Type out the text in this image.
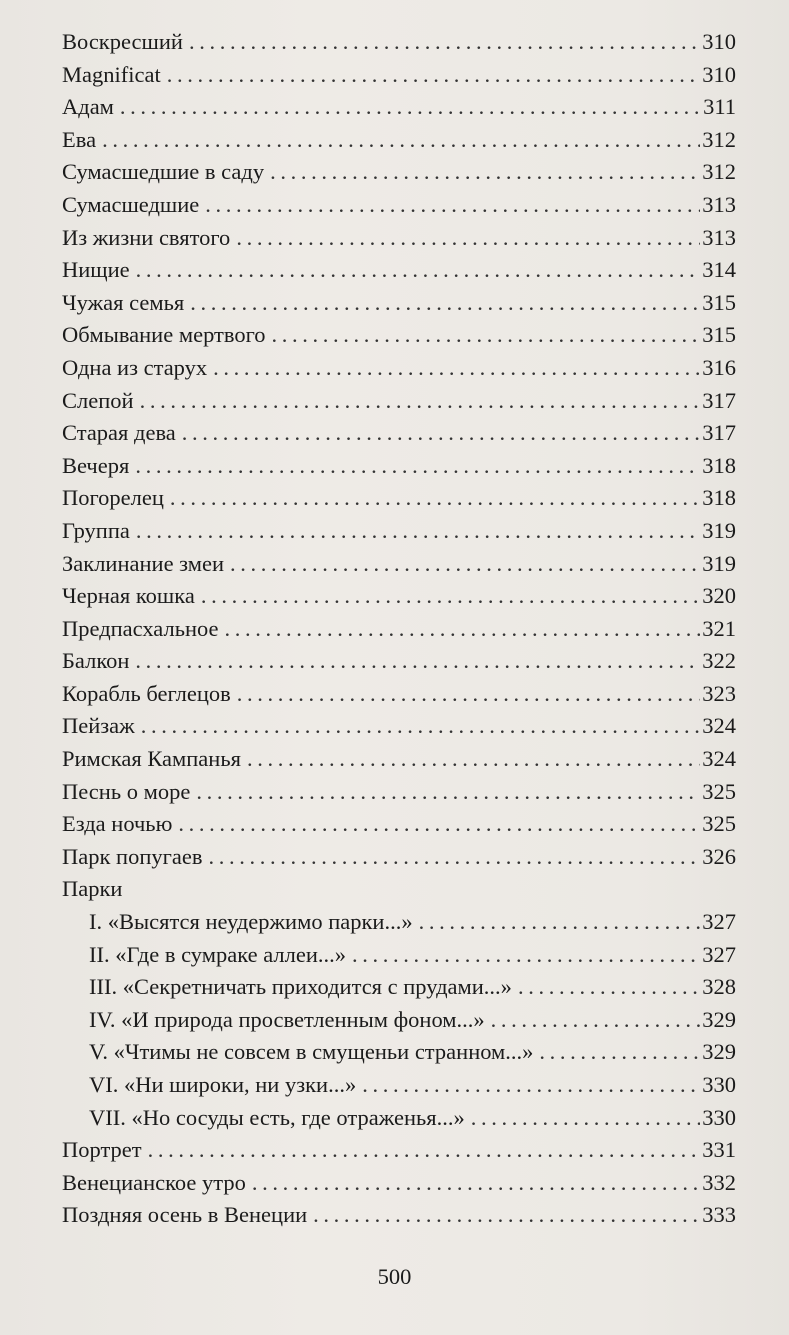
Воскресший . . .	310
Magnificat . . .	310
Адам . . .	311
Ева . . .	312
Сумасшедшие в саду . . .	312
Сумасшедшие . . .	313
Из жизни святого . . .	313
Нищие . . .	314
Чужая семья . . .	315
Обмывание мертвого . . .	315
Одна из старух . . .	316
Слепой . . .	317
Старая дева . . .	317
Вечеря . . .	318
Погорелец . . .	318
Группа . . .	319
Заклинание змеи . . .	319
Черная кошка . . .	320
Предпасхальное . . .	321
Балкон . . .	322
Корабль беглецов . . .	323
Пейзаж . . .	324
Римская Кампанья . . .	324
Песнь о море . . .	325
Езда ночью . . .	325
Парк попугаев . . .	326
Парки
I. «Высятся неудержимо парки...» . . .	327
II. «Где в сумраке аллеи...» . . .	327
III. «Секретничать приходится с прудами...» . . .	328
IV. «И природа просветленным фоном...» . . .	329
V. «Чтимы не совсем в смущеньи странном...» . . .	329
VI. «Ни широки, ни узки...» . . .	330
VII. «Но сосуды есть, где отраженья...» . . .	330
Портрет . . .	331
Венецианское утро . . .	332
Поздняя осень в Венеции . . .	333
500
